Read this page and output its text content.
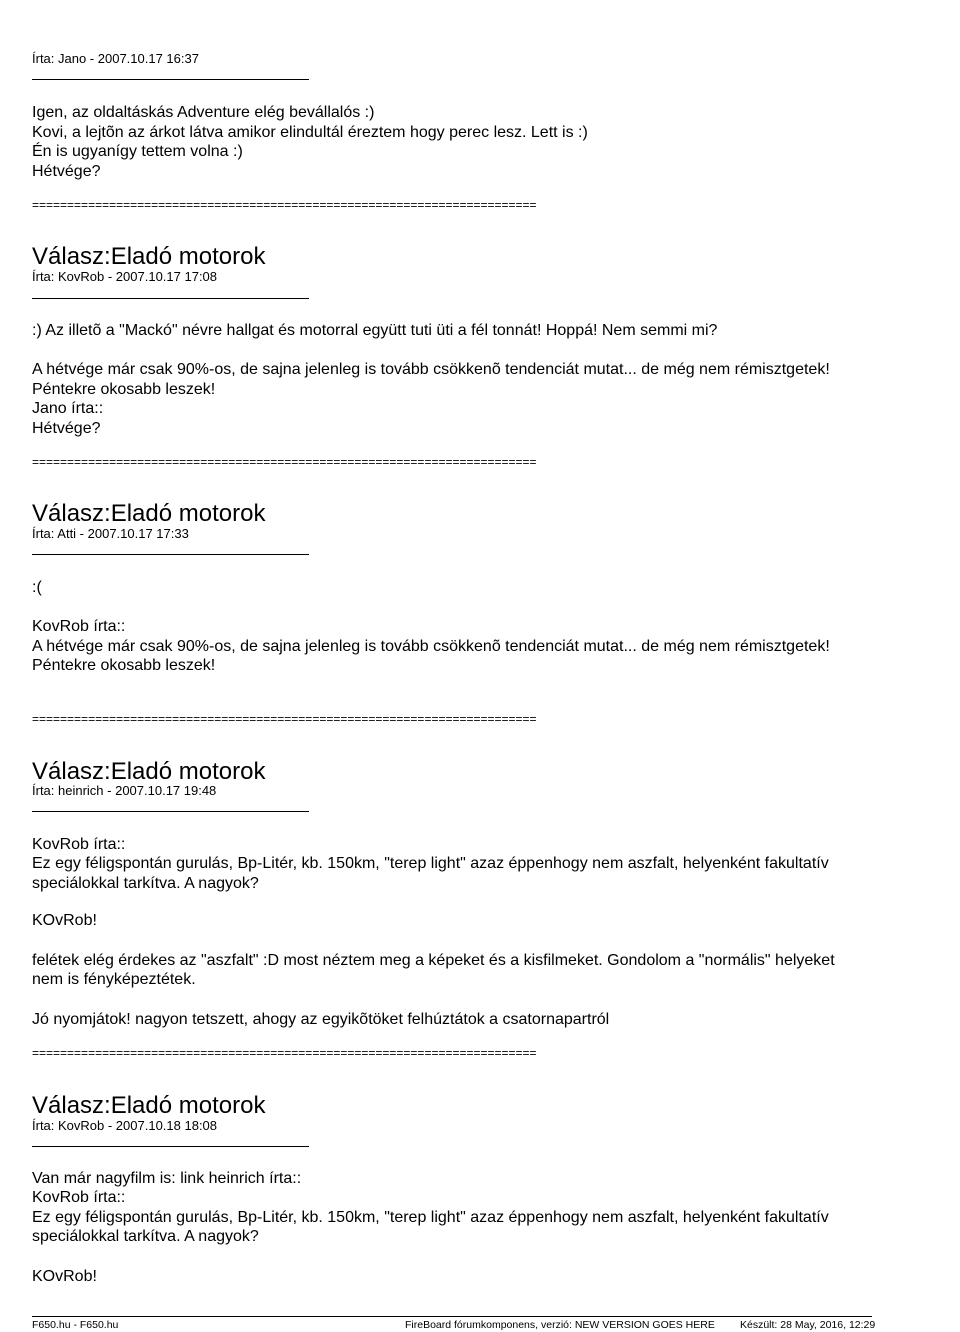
Írta: Jano - 2007.10.17 16:37
Igen, az oldaltáskás Adventure elég bevállalós :)
Kovi, a lejtõn az árkot látva amikor elindultál éreztem hogy perec lesz. Lett is :)
Én is ugyanígy tettem volna :)
Hétvége?
========================================================================
Válasz:Eladó motorok
Írta: KovRob - 2007.10.17 17:08
:) Az illetõ a "Mackó" névre hallgat és motorral együtt tuti üti a fél tonnát! Hoppá! Nem semmi mi?
A hétvége már csak 90%-os, de sajna jelenleg is tovább csökkenõ tendenciát mutat... de még nem rémisztgetek!
Péntekre okosabb leszek!
Jano írta::
Hétvége?
========================================================================
Válasz:Eladó motorok
Írta: Atti - 2007.10.17 17:33
:(
KovRob írta::
A hétvége már csak 90%-os, de sajna jelenleg is tovább csökkenõ tendenciát mutat... de még nem rémisztgetek!
Péntekre okosabb leszek!
========================================================================
Válasz:Eladó motorok
Írta: heinrich - 2007.10.17 19:48
KovRob írta::
Ez egy féligspontán gurulás, Bp-Litér, kb. 150km, "terep light" azaz éppenhogy nem aszfalt, helyenként fakultatív
speciálokkal tarkítva. A nagyok?
KOvRob!
felétek elég érdekes az "aszfalt" :D most néztem meg a képeket és a kisfilmeket. Gondolom a "normális" helyeket
nem is fényképeztétek.
Jó nyomjátok! nagyon tetszett, ahogy az egyikõtöket felhúztátok a csatornapartról
========================================================================
Válasz:Eladó motorok
Írta: KovRob - 2007.10.18 18:08
Van már nagyfilm is: link heinrich írta::
KovRob írta::
Ez egy féligspontán gurulás, Bp-Litér, kb. 150km, "terep light" azaz éppenhogy nem aszfalt, helyenként fakultatív
speciálokkal tarkítva. A nagyok?
KOvRob!
F650.hu - F650.hu	FireBoard fórumkomponens, verzió: NEW VERSION GOES HERE Készült: 28 May, 2016, 12:29
